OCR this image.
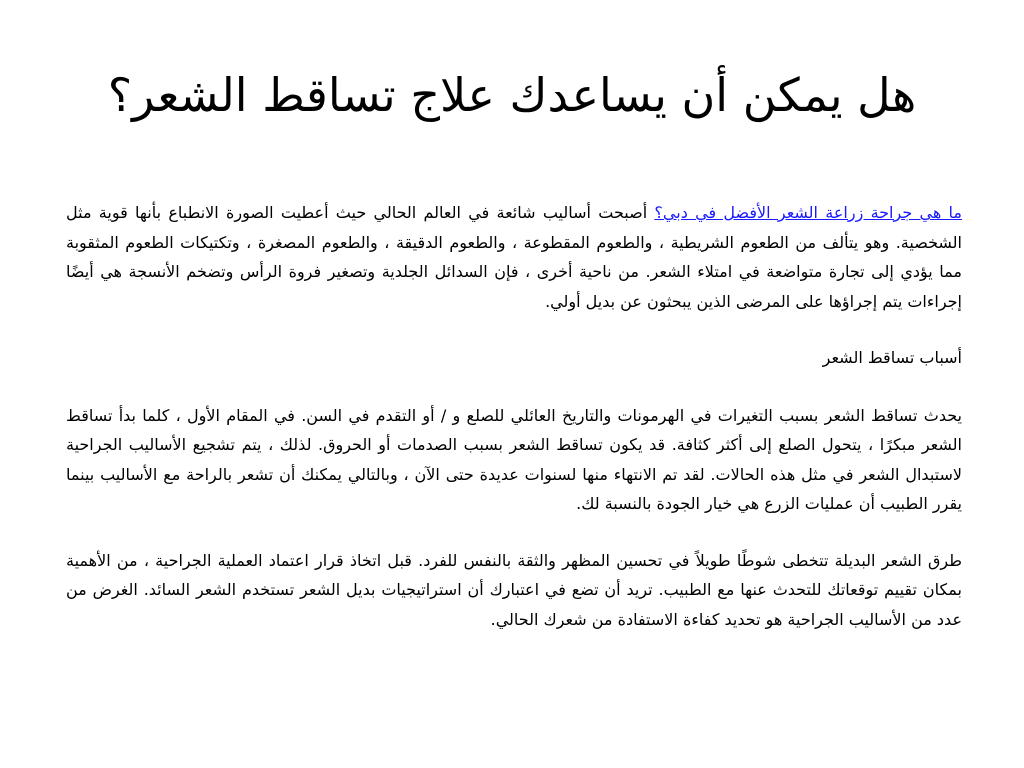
هل يمكن أن يساعدك علاج تساقط الشعر؟

ما هي جراحة زراعة الشعر الأفضل في دبي؟ أصبحت أساليب شائعة في العالم الحالي حيث أعطيت الصورة الانطباع بأنها قوية مثل الشخصية. وهو يتألف من الطعوم الشريطية ، والطعوم المقطوعة ، والطعوم الدقيقة ، والطعوم المصغرة ، وتكتيكات الطعوم المثقوبة مما يؤدي إلى تجارة متواضعة في امتلاء الشعر. من ناحية أخرى ، فإن السدائل الجلدية وتصغير فروة الرأس وتضخم الأنسجة هي أيضًا إجراءات يتم إجراؤها على المرضى الذين يبحثون عن بديل أولي.

أسباب تساقط الشعر

يحدث تساقط الشعر بسبب التغيرات في الهرمونات والتاريخ العائلي للصلع و / أو التقدم في السن. في المقام الأول ، كلما بدأ تساقط الشعر مبكرًا ، يتحول الصلع إلى أكثر كثافة. قد يكون تساقط الشعر بسبب الصدمات أو الحروق. لذلك ، يتم تشجيع الأساليب الجراحية لاستبدال الشعر في مثل هذه الحالات. لقد تم الانتهاء منها لسنوات عديدة حتى الآن ، وبالتالي يمكنك أن تشعر بالراحة مع الأساليب بينما يقرر الطبيب أن عمليات الزرع هي خيار الجودة بالنسبة لك.

طرق الشعر البديلة تتخطى شوطًا طويلاً في تحسين المظهر والثقة بالنفس للفرد. قبل اتخاذ قرار اعتماد العملية الجراحية ، من الأهمية بمكان تقييم توقعاتك للتحدث عنها مع الطبيب. تريد أن تضع في اعتبارك أن استراتيجيات بديل الشعر تستخدم الشعر السائد. الغرض من عدد من الأساليب الجراحية هو تحديد كفاءة الاستفادة من شعرك الحالي.
